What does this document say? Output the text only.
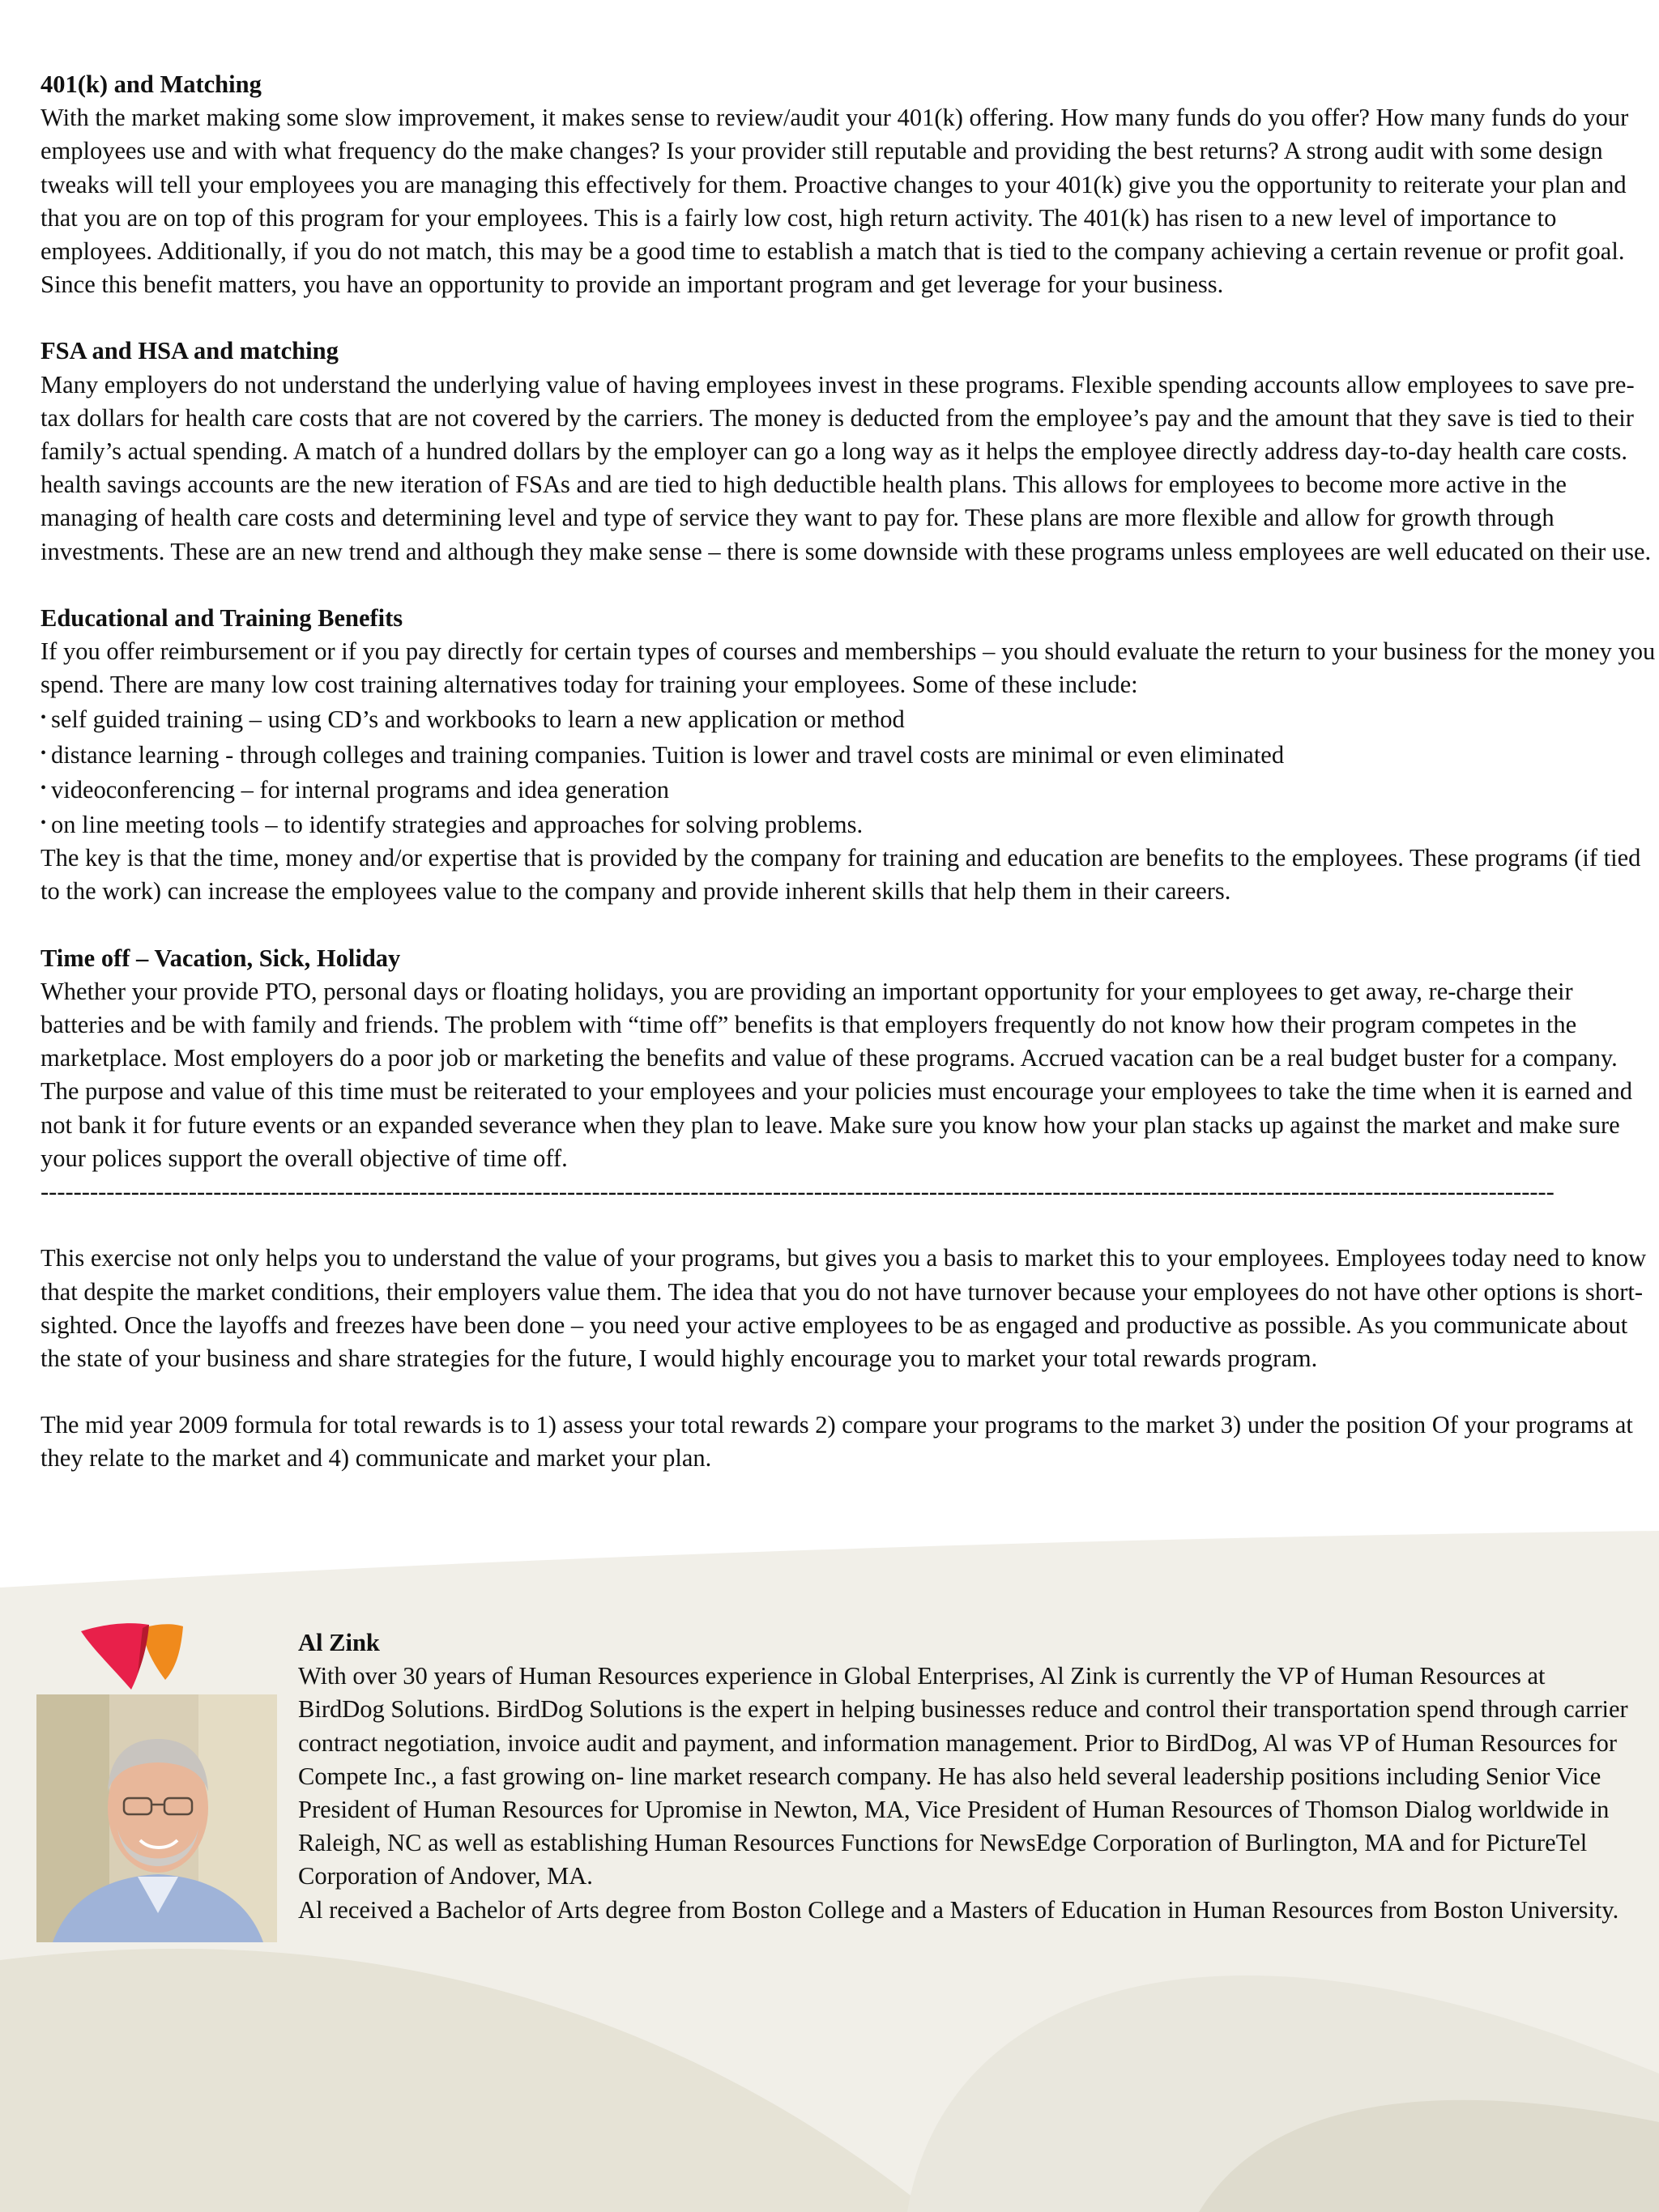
401(k) and Matching
With the market making some slow improvement, it makes sense to review/audit your 401(k) offering. How many funds do you offer? How many funds do your employees use and with what frequency do the make changes? Is your provider still reputable and providing the best returns? A strong audit with some design tweaks will tell your employees you are managing this effectively for them. Proactive changes to your 401(k) give you the opportunity to reiterate your plan and that you are on top of this program for your employees. This is a fairly low cost, high return activity. The 401(k) has risen to a new level of importance to employees. Additionally, if you do not match, this may be a good time to establish a match that is tied to the company achieving a certain revenue or profit goal. Since this benefit matters, you have an opportunity to provide an important program and get leverage for your business.
FSA and HSA and matching
Many employers do not understand the underlying value of having employees invest in these programs. Flexible spending accounts allow employees to save pre-tax dollars for health care costs that are not covered by the carriers. The money is deducted from the employee’s pay and the amount that they save is tied to their family’s actual spending. A match of a hundred dollars by the employer can go a long way as it helps the employee directly address day-to-day health care costs.
health savings accounts are the new iteration of FSAs and are tied to high deductible health plans. This allows for employees to become more active in the managing of health care costs and determining level and type of service they want to pay for. These plans are more flexible and allow for growth through investments. These are an new trend and although they make sense – there is some downside with these programs unless employees are well educated on their use.
Educational and Training Benefits
If you offer reimbursement or if you pay directly for certain types of courses and memberships – you should evaluate the return to your business for the money you spend. There are many low cost training alternatives today for training your employees. Some of these include:
• self guided training – using CD’s and workbooks to learn a new application or method
• distance learning - through colleges and training companies. Tuition is lower and travel costs are minimal or even eliminated
• videoconferencing – for internal programs and idea generation
• on line meeting tools – to identify strategies and approaches for solving problems.
The key is that the time, money and/or expertise that is provided by the company for training and education are benefits to the employees. These programs (if tied to the work) can increase the employees value to the company and provide inherent skills that help them in their careers.
Time off – Vacation, Sick, Holiday
Whether your provide PTO, personal days or floating holidays, you are providing an important opportunity for your employees to get away, re-charge their batteries and be with family and friends. The problem with “time off” benefits is that employers frequently do not know how their program competes in the marketplace. Most employers do a poor job or marketing the benefits and value of these programs. Accrued vacation can be a real budget buster for a company. The purpose and value of this time must be reiterated to your employees and your policies must encourage your employees to take the time when it is earned and not bank it for future events or an expanded severance when they plan to leave. Make sure you know how your plan stacks up against the market and make sure your polices support the overall objective of time off.
----------------------------------------------------------------------------------------------------------------------------------------------------------------------------------------
This exercise not only helps you to understand the value of your programs, but gives you a basis to market this to your employees. Employees today need to know that despite the market conditions, their employers value them. The idea that you do not have turnover because your employees do not have other options is short-sighted. Once the layoffs and freezes have been done – you need your active employees to be as engaged and productive as possible. As you communicate about the state of your business and share strategies for the future, I would highly encourage you to market your total rewards program.
The mid year 2009 formula for total rewards is to 1) assess your total rewards 2) compare your programs to the market 3) under the position Of your programs at they relate to the market and 4) communicate and market your plan.
Al Zink
With over 30 years of Human Resources experience in Global Enterprises, Al Zink is currently the VP of Human Resources at BirdDog Solutions. BirdDog Solutions is the expert in helping businesses reduce and control their transportation spend through carrier contract negotiation, invoice audit and payment, and information management. Prior to BirdDog, Al was VP of Human Resources for Compete Inc., a fast growing on- line market research company. He has also held several leadership positions including Senior Vice President of Human Resources for Upromise in Newton, MA, Vice President of Human Resources of Thomson Dialog worldwide in Raleigh, NC as well as establishing Human Resources Functions for NewsEdge Corporation of Burlington, MA and for PictureTel Corporation of Andover, MA.
Al received a Bachelor of Arts degree from Boston College and a Masters of Education in Human Resources from Boston University.
